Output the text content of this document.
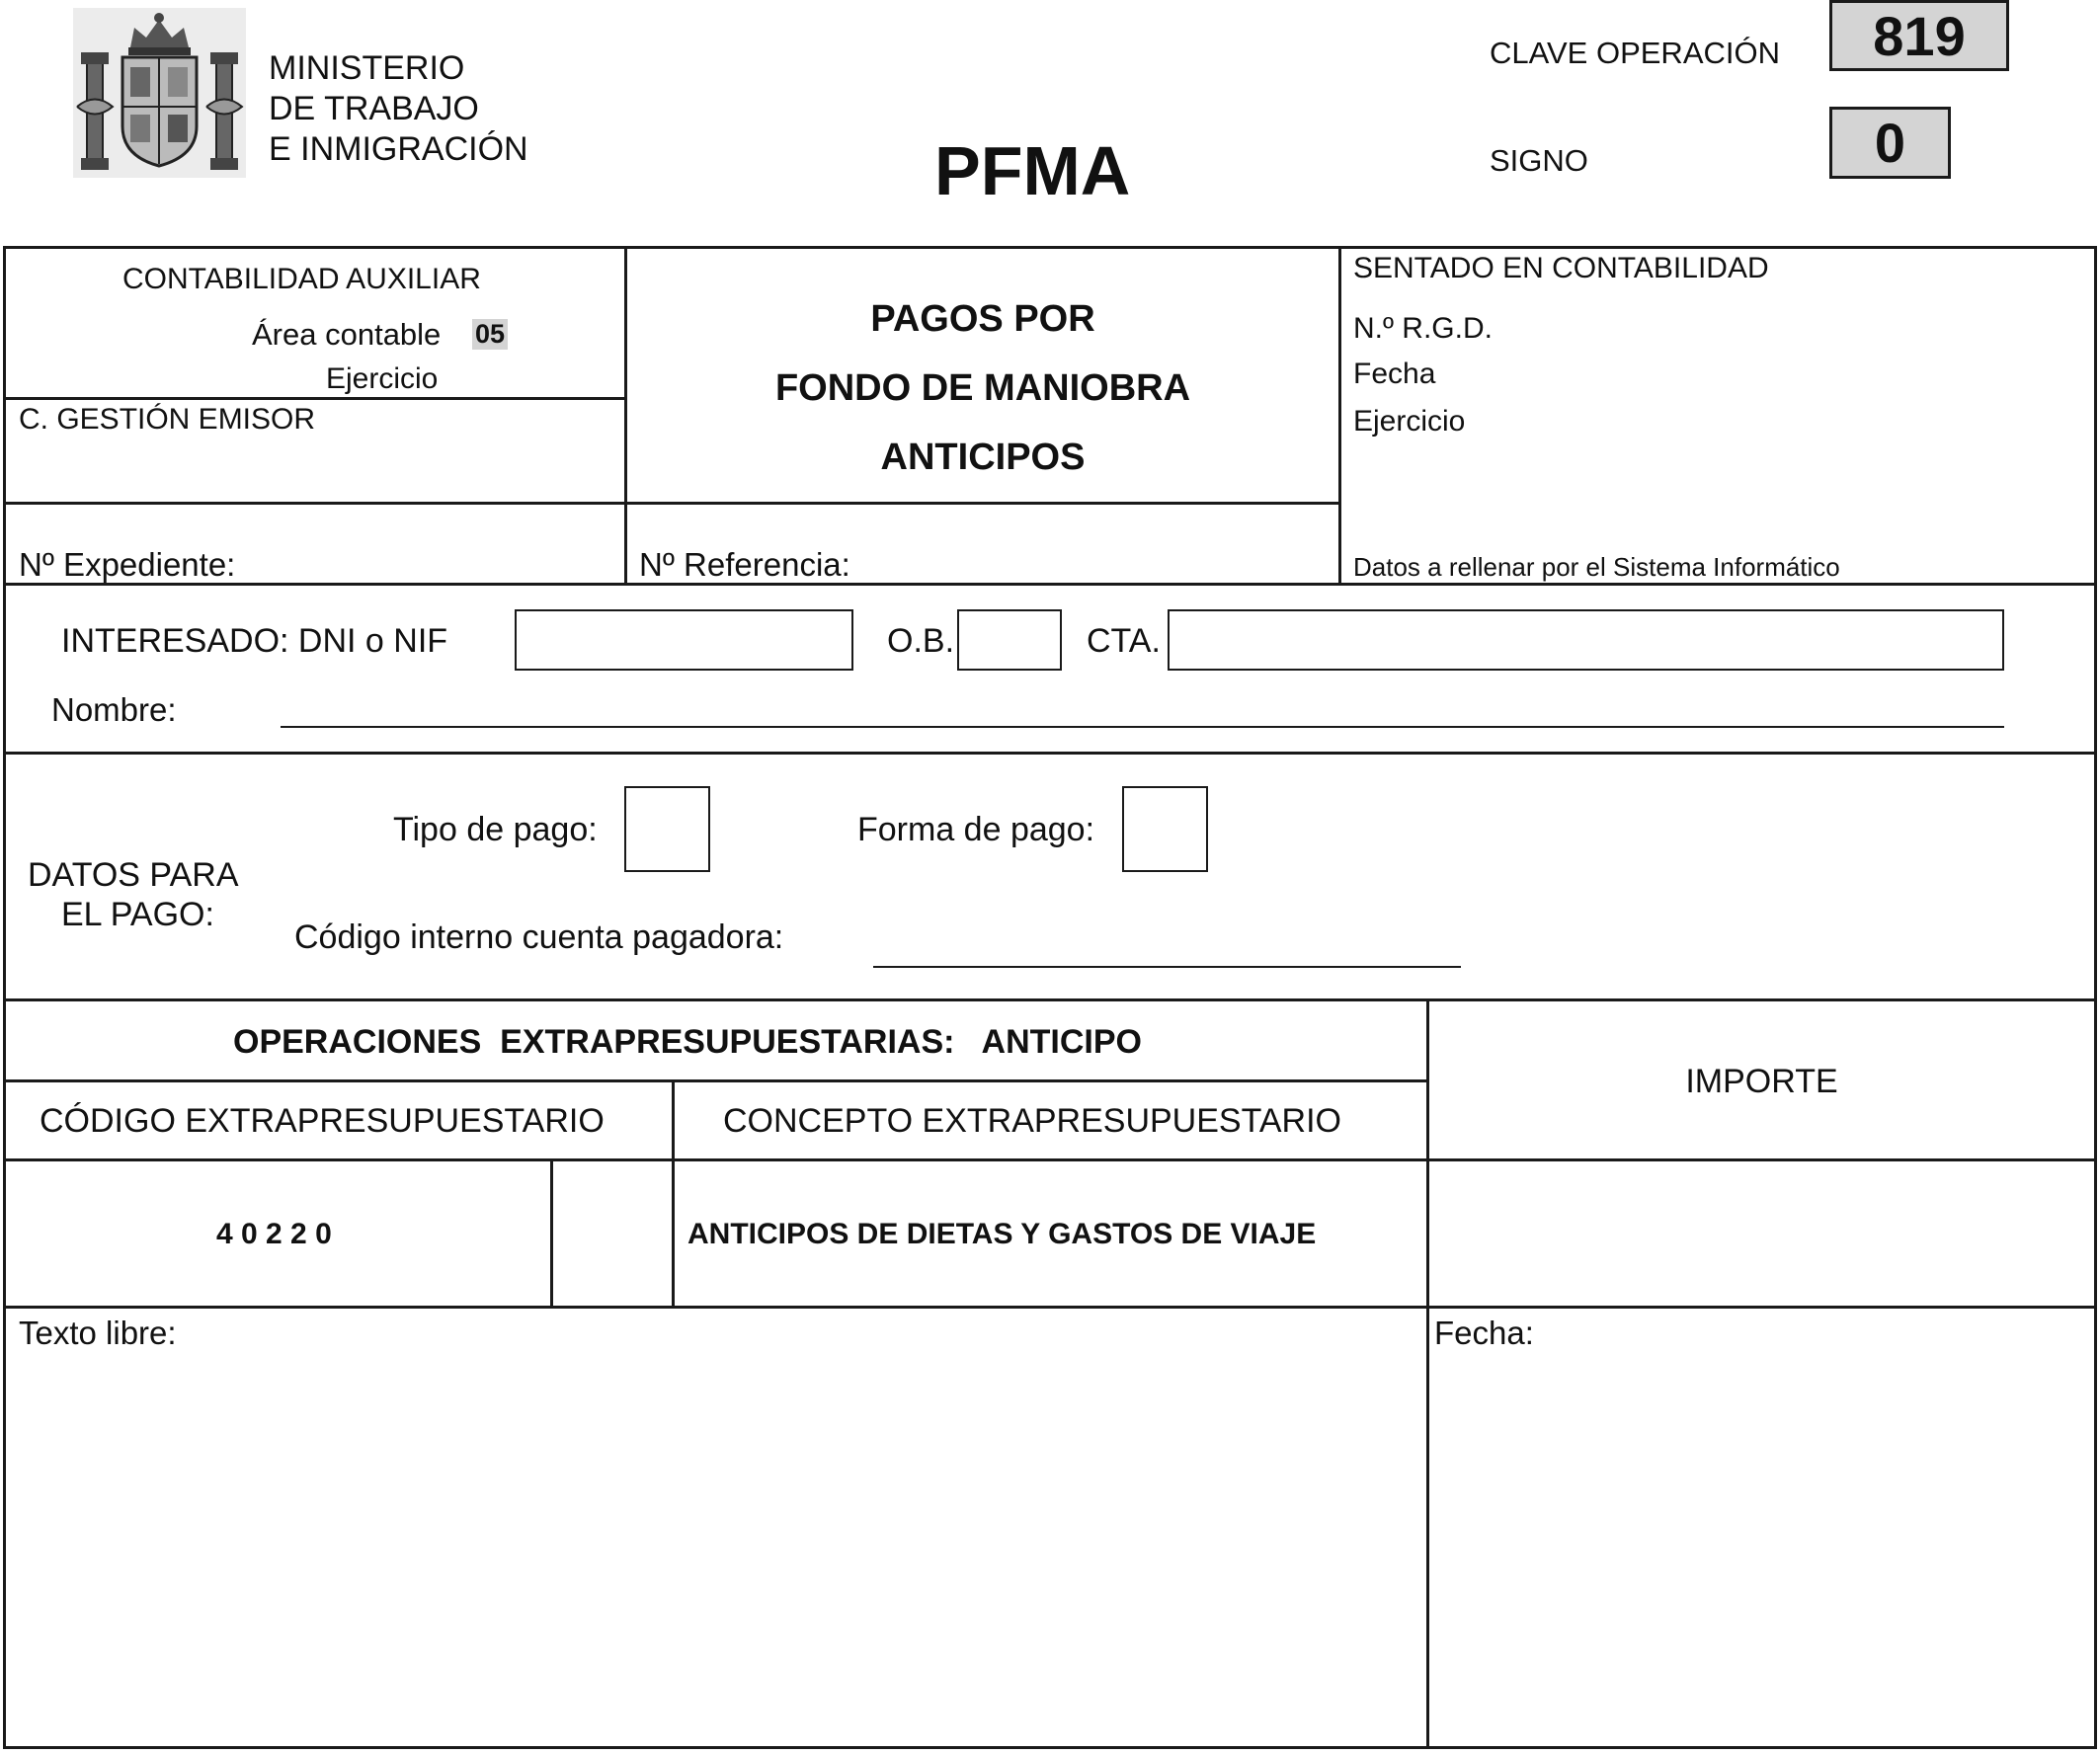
MINISTERIO
DE TRABAJO
E INMIGRACIÓN	PFMA
CLAVE OPERACIÓN	819
SIGNO	0
CONTABILIDAD AUXILIAR
Área contable 05
Ejercicio
C. GESTIÓN EMISOR
PAGOS POR
FONDO DE MANIOBRA
ANTICIPOS
SENTADO EN CONTABILIDAD
N.º R.G.D.
Fecha
Ejercicio
Datos a rellenar por el Sistema Informático
Nº Expediente:	Nº Referencia:
INTERESADO: DNI o NIF	O.B.	CTA.
Nombre:
DATOS PARA
EL PAGO:
Tipo de pago:	Forma de pago:
Código interno cuenta pagadora:
OPERACIONES  EXTRAPRESUPUESTARIAS:   ANTICIPO
IMPORTE
CÓDIGO EXTRAPRESUPUESTARIO	CONCEPTO EXTRAPRESUPUESTARIO
4 0 2 2 0	ANTICIPOS DE DIETAS Y GASTOS DE VIAJE
Texto libre:	Fecha:
